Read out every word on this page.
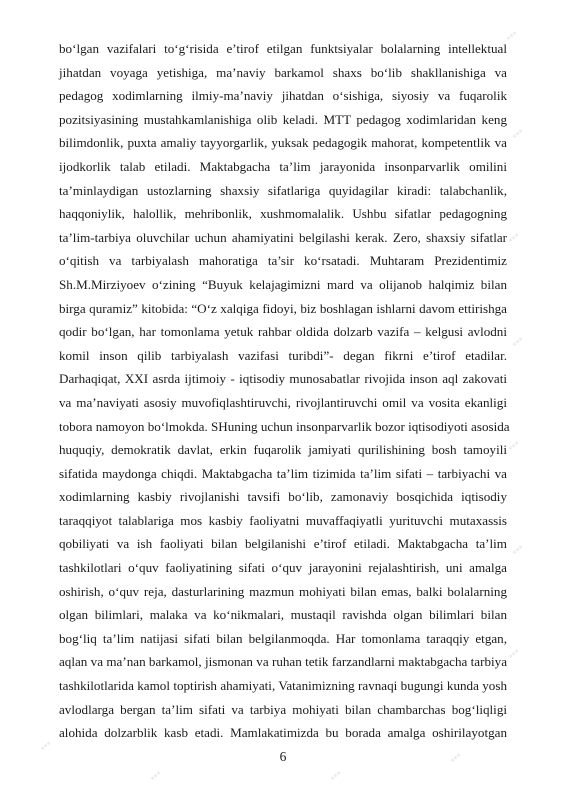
▪▪▪
▪▪▪
▪▪▪
▪▪▪
▪▪▪
▪▪▪
▪▪▪
▪▪▪
▪▪▪	▪▪▪
▪▪▪
bo‘lgan vazifalari to‘g‘risida e’tirof etilgan funktsiyalar bolalarning intellektual
jihatdan voyaga yetishiga, ma’naviy barkamol shaxs bo‘lib shakllanishiga va
pedagog xodimlarning ilmiy-ma’naviy jihatdan o‘sishiga, siyosiy va fuqarolik
pozitsiyasining mustahkamlanishiga olib keladi. MTT pedagog xodimlaridan keng
bilimdonlik, puxta amaliy tayyorgarlik, yuksak pedagogik mahorat, kompetentlik va
ijodkorlik talab etiladi. Maktabgacha ta’lim jarayonida insonparvarlik omilini
ta’minlaydigan ustozlarning shaxsiy sifatlariga quyidagilar kiradi: talabchanlik,
haqqoniylik, halollik, mehribonlik, xushmomalalik. Ushbu sifatlar pedagogning
ta’lim-tarbiya oluvchilar uchun ahamiyatini belgilashi kerak. Zero, shaxsiy sifatlar
o‘qitish va tarbiyalash mahoratiga ta’sir ko‘rsatadi. Muhtaram Prezidentimiz
Sh.M.Mirziyoev o‘zining “Buyuk kelajagimizni mard va olijanob halqimiz bilan
birga quramiz” kitobida: “O‘z xalqiga fidoyi, biz boshlagan ishlarni davom ettirishga
qodir bo‘lgan, har tomonlama yetuk rahbar oldida dolzarb vazifa – kelgusi avlodni
komil inson qilib tarbiyalash vazifasi turibdi”- degan fikrni e’tirof etadilar.
Darhaqiqat, XXI asrda ijtimoiy - iqtisodiy munosabatlar rivojida inson aql zakovati
va ma’naviyati asosiy muvofiqlashtiruvchi, rivojlantiruvchi omil va vosita ekanligi
tobora namoyon bo‘lmokda. SHuning uchun insonparvarlik bozor iqtisodiyoti asosida
huquqiy, demokratik davlat, erkin fuqarolik jamiyati qurilishining bosh tamoyili
sifatida maydonga chiqdi. Maktabgacha ta’lim tizimida ta’lim sifati – tarbiyachi va
xodimlarning kasbiy rivojlanishi tavsifi bo‘lib, zamonaviy bosqichida iqtisodiy
taraqqiyot talablariga mos kasbiy faoliyatni muvaffaqiyatli yurituvchi mutaxassis
qobiliyati va ish faoliyati bilan belgilanishi e’tirof etiladi. Maktabgacha ta’lim
tashkilotlari o‘quv faoliyatining sifati o‘quv jarayonini rejalashtirish, uni amalga
oshirish, o‘quv reja, dasturlarining mazmun mohiyati bilan emas, balki bolalarning
olgan bilimlari, malaka va ko‘nikmalari, mustaqil ravishda olgan bilimlari bilan
bog‘liq ta’lim natijasi sifati bilan belgilanmoqda. Har tomonlama taraqqiy etgan,
aqlan va ma’nan barkamol, jismonan va ruhan tetik farzandlarni maktabgacha tarbiya
tashkilotlarida kamol toptirish ahamiyati, Vatanimizning ravnaqi bugungi kunda yosh
avlodlarga bergan ta’lim sifati va tarbiya mohiyati bilan chambarchas bog‘liqligi
alohida dolzarblik kasb etadi. Mamlakatimizda bu borada amalga oshirilayotgan
6
